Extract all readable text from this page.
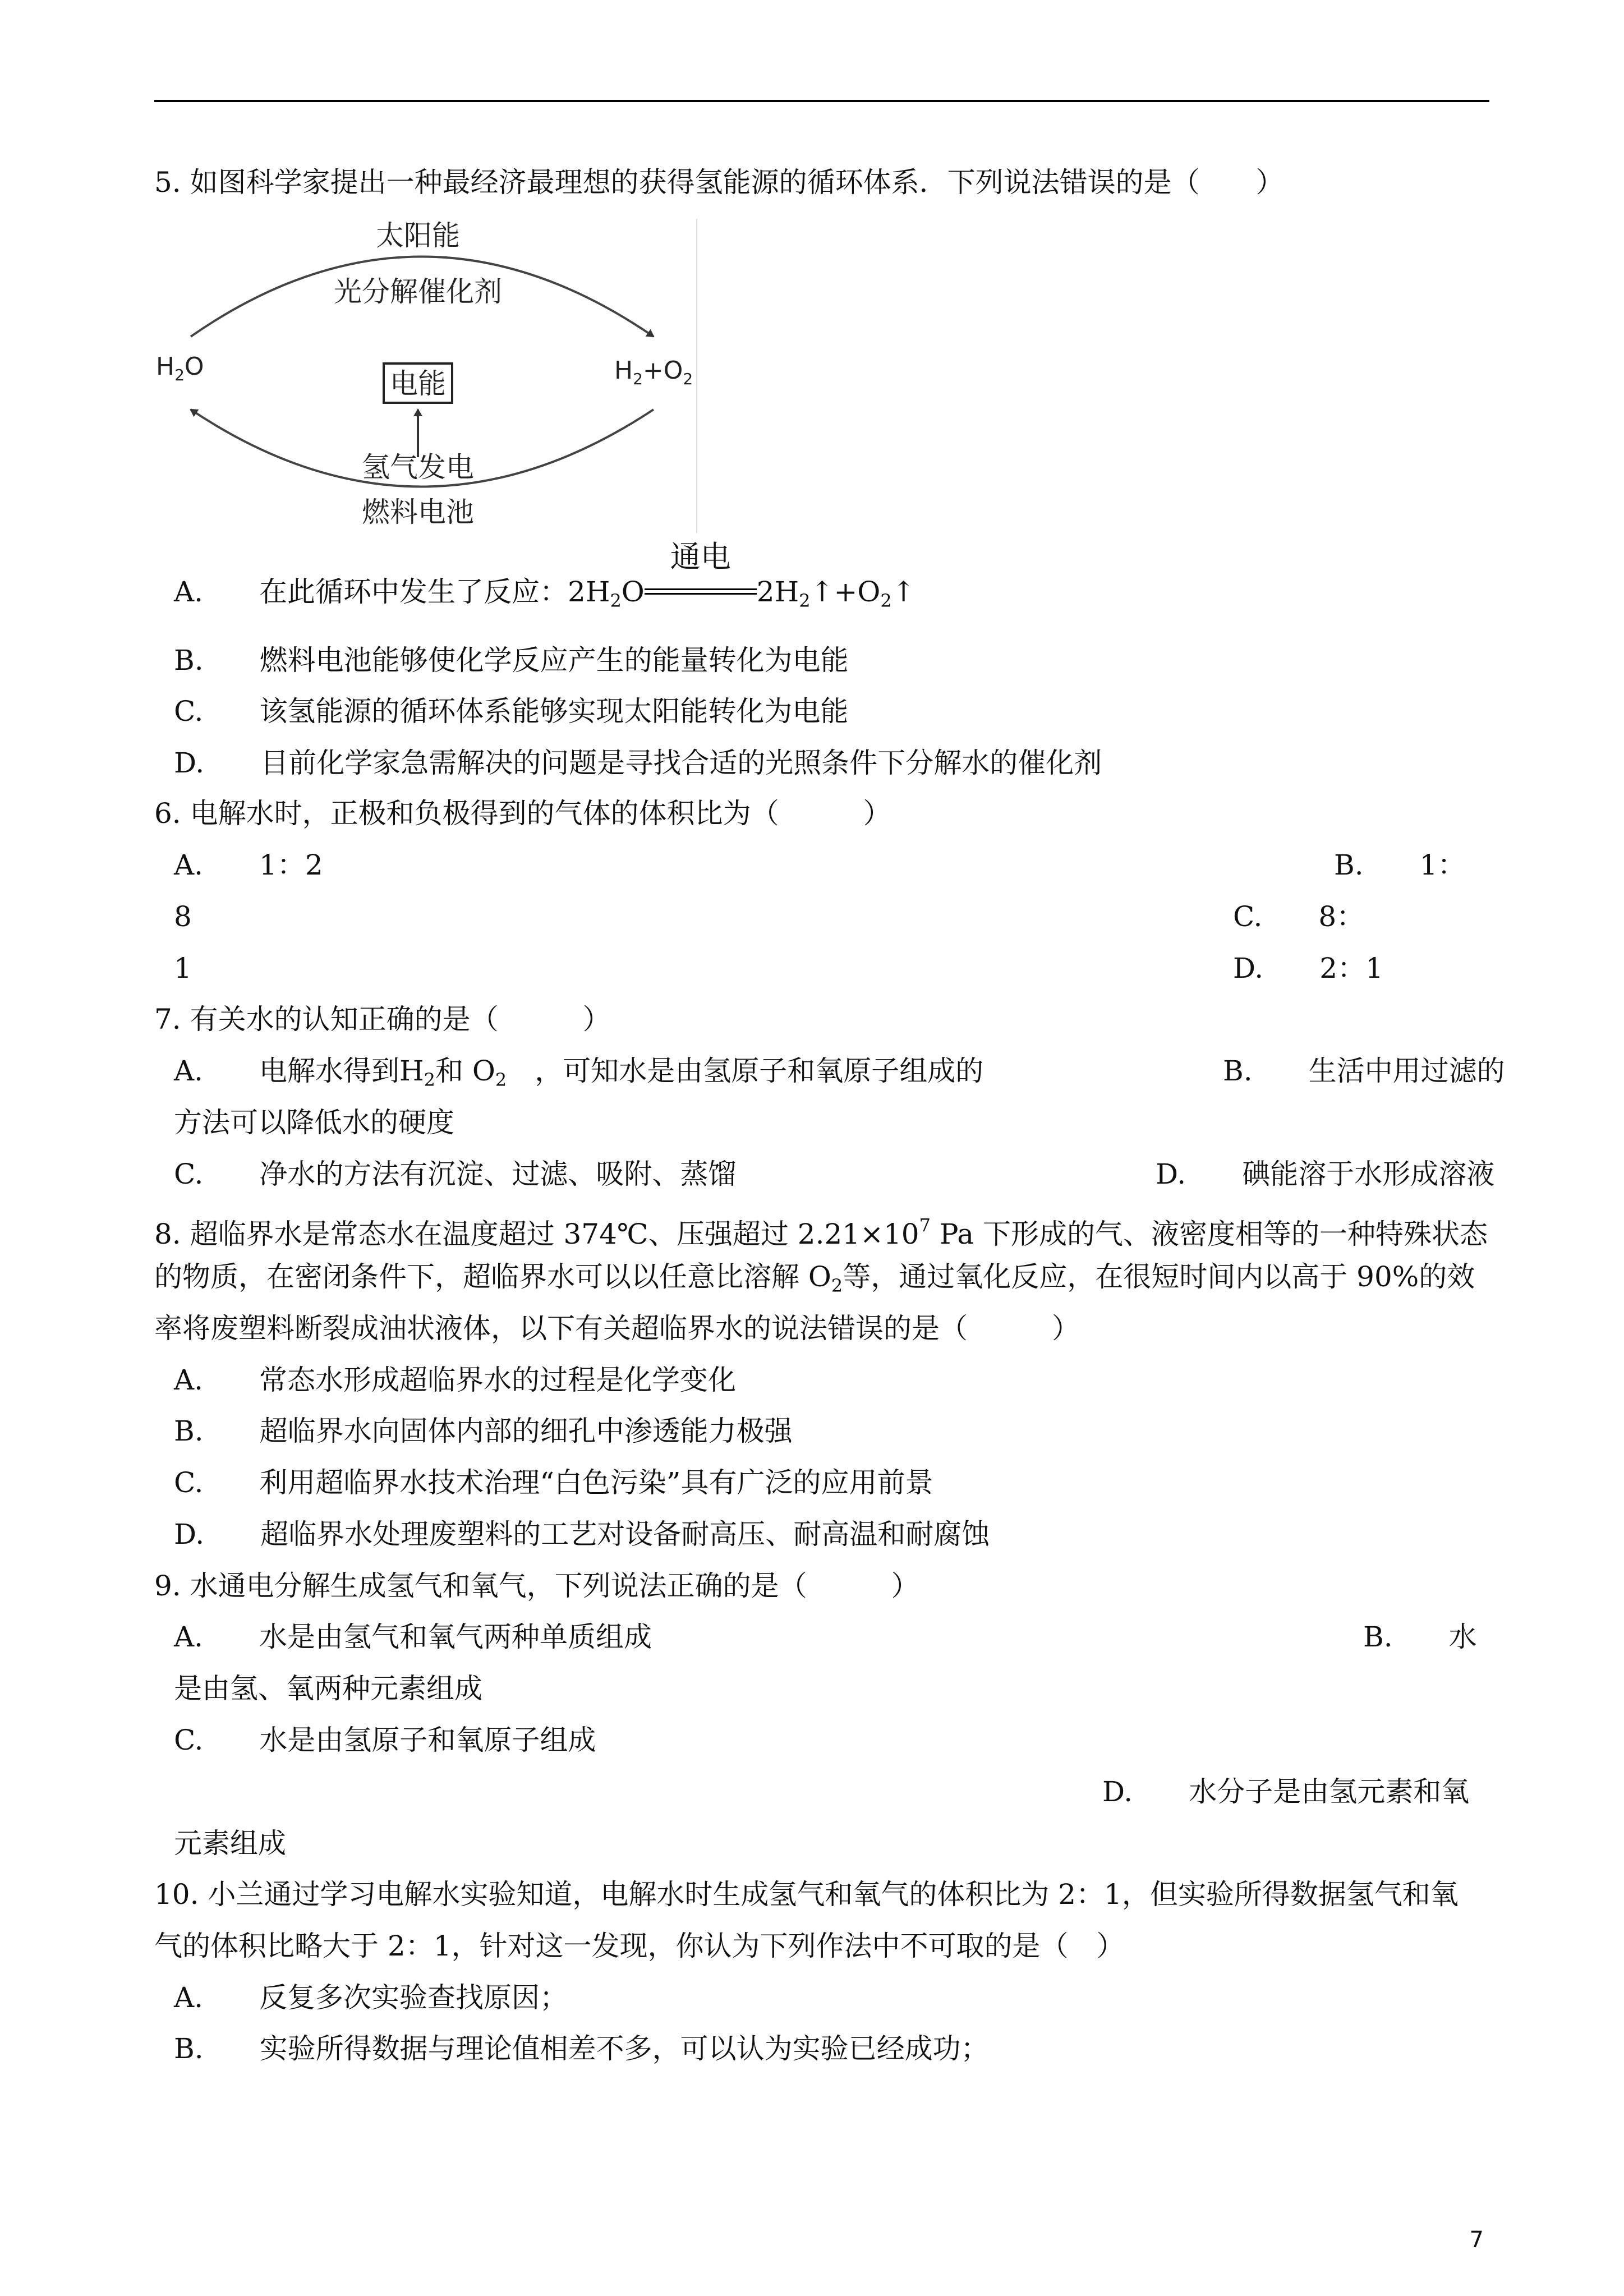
5. 如图科学家提出一种最经济最理想的获得氢能源的循环体系．下列说法错误的是（　　）
太阳能
光分解催化剂
$H_2O$	$H_2+O_2$
电能
氢气发电
燃料电池
A.　　 在此循环中发生了反应：$2H_2O$
通电
$2H_2↑+O_2↑$
B.　　燃料电池能够使化学反应产生的能量转化为电能
C.　　该氢能源的循环体系能够实现太阳能转化为电能
D.　　目前化学家急需解决的问题是寻找合适的光照条件下分解水的催化剂
6. 电解水时，正极和负极得到的气体的体积比为（　　　）
A.　　1：2	B.　　1：
8	C.　　8：
1	D.　　2：1
7. 有关水的认知正确的是（　　　）
A.　　电解水得到$H_2$和 $O_2$　，可知水是由氢原子和氧原子组成的	B.　　生活中用过滤的
方法可以降低水的硬度
C.　　净水的方法有沉淀、过滤、吸附、蒸馏	D.　　碘能溶于水形成溶液
8. 超临界水是常态水在温度超过 374℃、压强超过 $2.21\times 10^7$ Pa 下形成的气、液密度相等的一种特殊状态
的物质，在密闭条件下，超临界水可以以任意比溶解 $O_2$等，通过氧化反应，在很短时间内以高于 90%的效
率将废塑料断裂成油状液体，以下有关超临界水的说法错误的是（　　　）
A.　　常态水形成超临界水的过程是化学变化
B.　　超临界水向固体内部的细孔中渗透能力极强
C.　　利用超临界水技术治理“白色污染”具有广泛的应用前景
D.　　超临界水处理废塑料的工艺对设备耐高压、耐高温和耐腐蚀
9. 水通电分解生成氢气和氧气，下列说法正确的是（　　　）
A.　　水是由氢气和氧气两种单质组成	B.　　水
是由氢、氧两种元素组成
C.　　水是由氢原子和氧原子组成
D.　　水分子是由氢元素和氧
元素组成
10. 小兰通过学习电解水实验知道，电解水时生成氢气和氧气的体积比为 2：1，但实验所得数据氢气和氧
气的体积比略大于 2：1，针对这一发现，你认为下列作法中不可取的是（　）
A.　　反复多次实验查找原因；
B.　　实验所得数据与理论值相差不多，可以认为实验已经成功；
7
